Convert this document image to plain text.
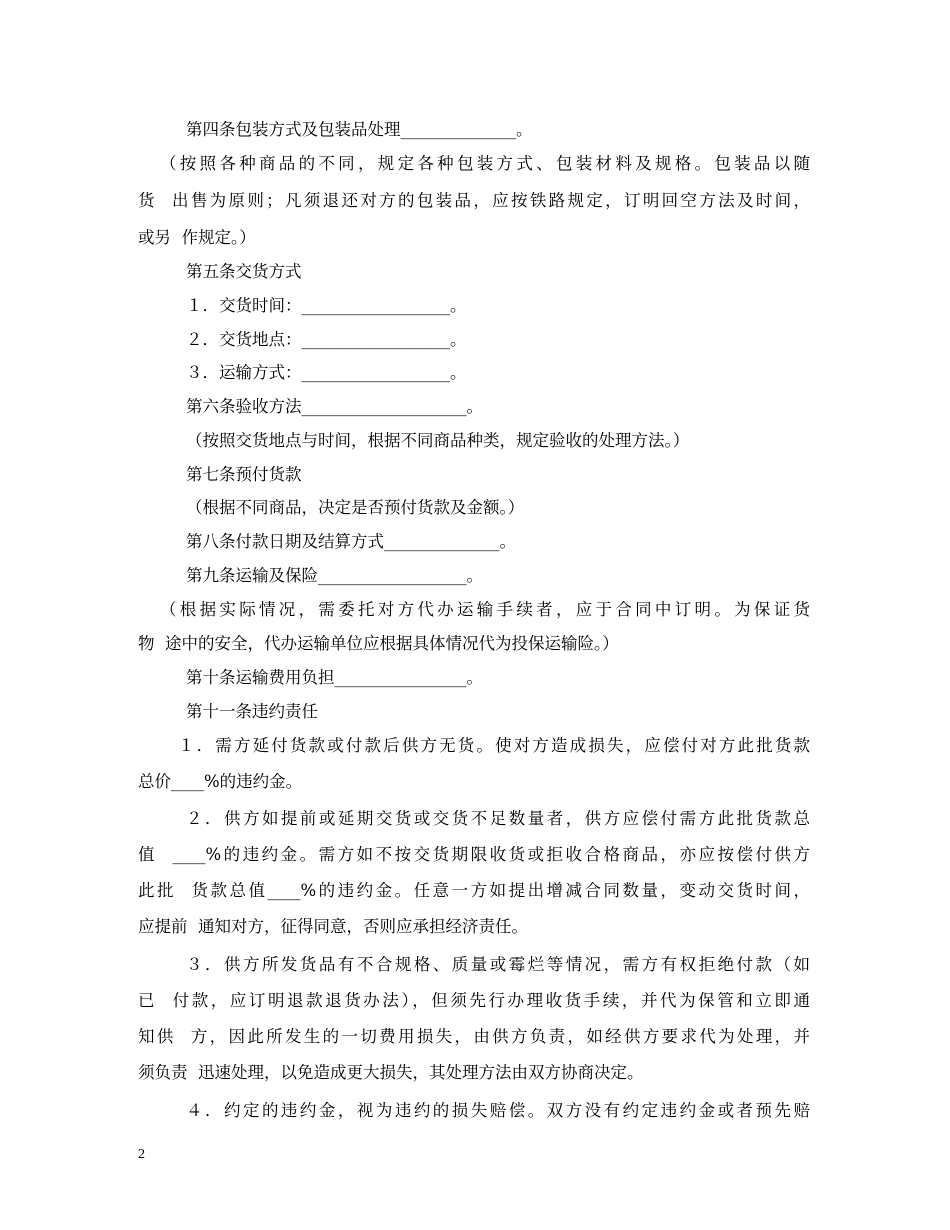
第四条包装方式及包装品处理______________。

（按照各种商品的不同，规定各种包装方式、包装材料及规格。包装品以随

货  出售为原则；凡须退还对方的包装品，应按铁路规定，订明回空方法及时间，

或另  作规定。）

第五条交货方式

１．交货时间：__________________。

２．交货地点：__________________。

３．运输方式：__________________。

第六条验收方法____________________。

（按照交货地点与时间，根据不同商品种类，规定验收的处理方法。）

第七条预付货款

（根据不同商品，决定是否预付货款及金额。）

第八条付款日期及结算方式______________。

第九条运输及保险__________________。

（根据实际情况，需委托对方代办运输手续者，应于合同中订明。为保证货

物  途中的安全，代办运输单位应根据具体情况代为投保运输险。）

第十条运输费用负担________________。

第十一条违约责任

１．需方延付货款或付款后供方无货。使对方造成损失，应偿付对方此批货款

总价____%的违约金。

２．供方如提前或延期交货或交货不足数量者，供方应偿付需方此批货款总

值  ____%的违约金。需方如不按交货期限收货或拒收合格商品，亦应按偿付供方

此批  货款总值____%的违约金。任意一方如提出增减合同数量，变动交货时间，

应提前  通知对方，征得同意，否则应承担经济责任。

３．供方所发货品有不合规格、质量或霉烂等情况，需方有权拒绝付款（如

已  付款，应订明退款退货办法），但须先行办理收货手续，并代为保管和立即通

知供  方，因此所发生的一切费用损失，由供方负责，如经供方要求代为处理，并

须负责  迅速处理，以免造成更大损失，其处理方法由双方协商决定。

４．约定的违约金，视为违约的损失赔偿。双方没有约定违约金或者预先赔

2
